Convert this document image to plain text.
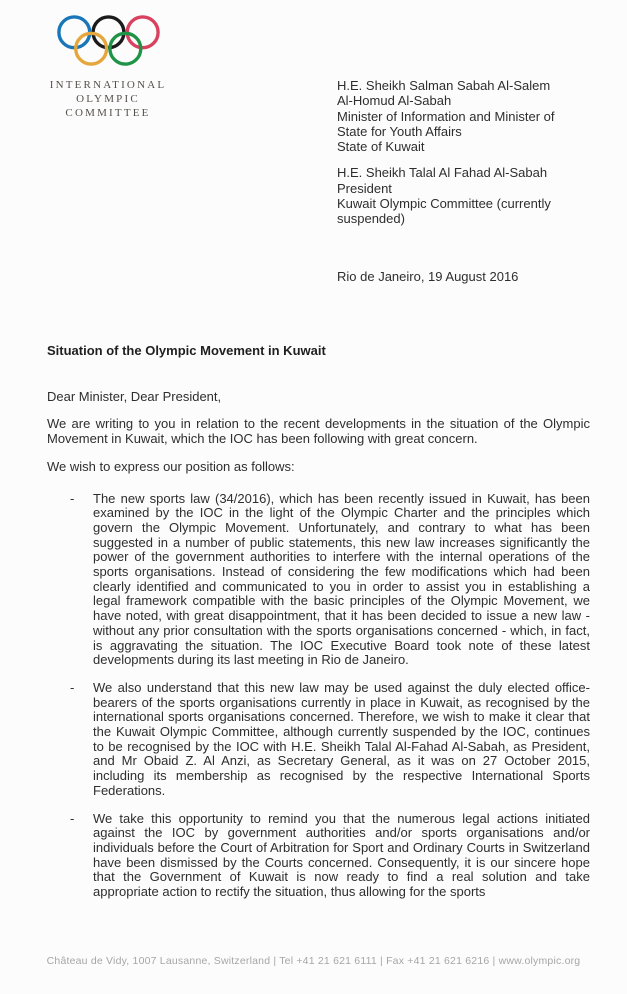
INTERNATIONAL
OLYMPIC
COMMITTEE
H.E. Sheikh Salman Sabah Al-Salem
Al-Homud Al-Sabah
Minister of Information and Minister of
State for Youth Affairs
State of Kuwait
H.E. Sheikh Talal Al Fahad Al-Sabah
President
Kuwait Olympic Committee (currently
suspended)
Rio de Janeiro, 19 August 2016
Situation of the Olympic Movement in Kuwait

Dear Minister, Dear President,

We are writing to you in relation to the recent developments in the situation of the Olympic Movement in Kuwait, which the IOC has been following with great concern.

We wish to express our position as follows:

- The new sports law (34/2016), which has been recently issued in Kuwait, has been examined by the IOC in the light of the Olympic Charter and the principles which govern the Olympic Movement. Unfortunately, and contrary to what has been suggested in a number of public statements, this new law increases significantly the power of the government authorities to interfere with the internal operations of the sports organisations. Instead of considering the few modifications which had been clearly identified and communicated to you in order to assist you in establishing a legal framework compatible with the basic principles of the Olympic Movement, we have noted, with great disappointment, that it has been decided to issue a new law - without any prior consultation with the sports organisations concerned - which, in fact, is aggravating the situation. The IOC Executive Board took note of these latest developments during its last meeting in Rio de Janeiro.
- We also understand that this new law may be used against the duly elected office-bearers of the sports organisations currently in place in Kuwait, as recognised by the international sports organisations concerned. Therefore, we wish to make it clear that the Kuwait Olympic Committee, although currently suspended by the IOC, continues to be recognised by the IOC with H.E. Sheikh Talal Al-Fahad Al-Sabah, as President, and Mr Obaid Z. Al Anzi, as Secretary General, as it was on 27 October 2015, including its membership as recognised by the respective International Sports Federations.
- We take this opportunity to remind you that the numerous legal actions initiated against the IOC by government authorities and/or sports organisations and/or individuals before the Court of Arbitration for Sport and Ordinary Courts in Switzerland have been dismissed by the Courts concerned. Consequently, it is our sincere hope that the Government of Kuwait is now ready to find a real solution and take appropriate action to rectify the situation, thus allowing for the sports
Château de Vidy, 1007 Lausanne, Switzerland | Tel +41 21 621 6111 | Fax +41 21 621 6216 | www.olympic.org
